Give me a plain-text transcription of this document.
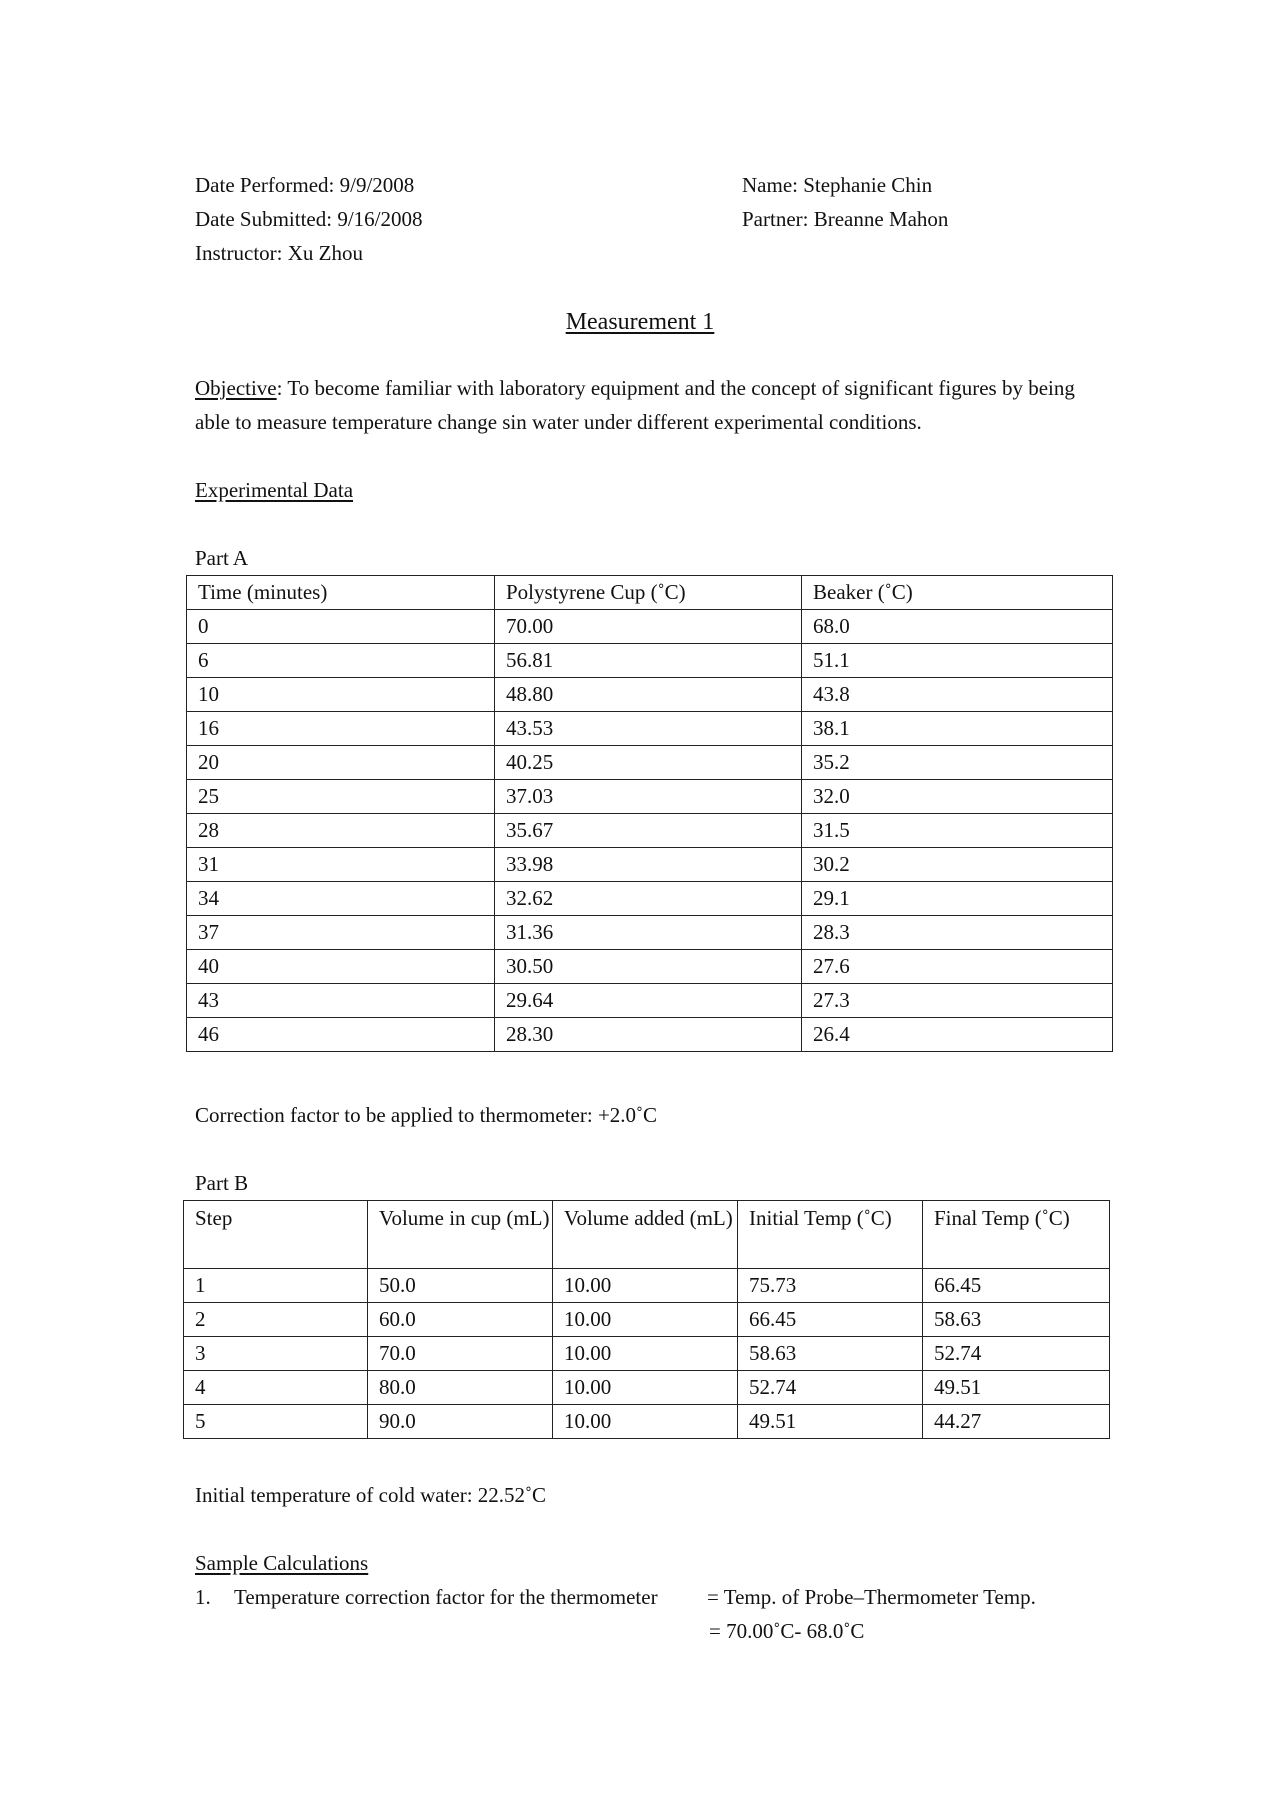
Date Performed: 9/9/2008
Date Submitted: 9/16/2008
Instructor: Xu Zhou
Name: Stephanie Chin
Partner: Breanne Mahon
Measurement 1
Objective: To become familiar with laboratory equipment and the concept of significant figures by being able to measure temperature change sin water under different experimental conditions.
Experimental Data
Part A
Time (minutes)	Polystyrene Cup (˚C)	Beaker (˚C)
0	70.00	68.0
6	56.81	51.1
10	48.80	43.8
16	43.53	38.1
20	40.25	35.2
25	37.03	32.0
28	35.67	31.5
31	33.98	30.2
34	32.62	29.1
37	31.36	28.3
40	30.50	27.6
43	29.64	27.3
46	28.30	26.4
Correction factor to be applied to thermometer: +2.0˚C
Part B
Step	Volume in cup (mL)	Volume added (mL)	Initial Temp (˚C)	Final Temp (˚C)
1	50.0	10.00	75.73	66.45
2	60.0	10.00	66.45	58.63
3	70.0	10.00	58.63	52.74
4	80.0	10.00	52.74	49.51
5	90.0	10.00	49.51	44.27
Initial temperature of cold water: 22.52˚C
Sample Calculations
1. Temperature correction factor for the thermometer = Temp. of Probe–Thermometer Temp.
= 70.00˚C- 68.0˚C
